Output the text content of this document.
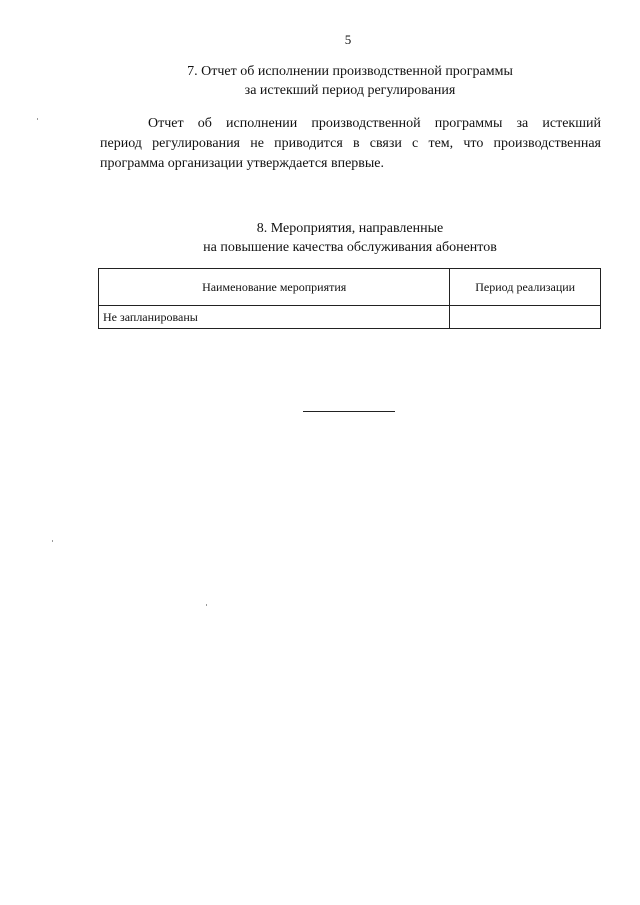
5
7. Отчет об исполнении производственной программы
за истекший период регулирования
Отчет об исполнении производственной программы за истекший
период регулирования не приводится в связи с тем, что производственная
программа организации утверждается впервые.
8. Мероприятия, направленные
на повышение качества обслуживания абонентов
Наименование мероприятия	Период реализации
Не запланированы	
